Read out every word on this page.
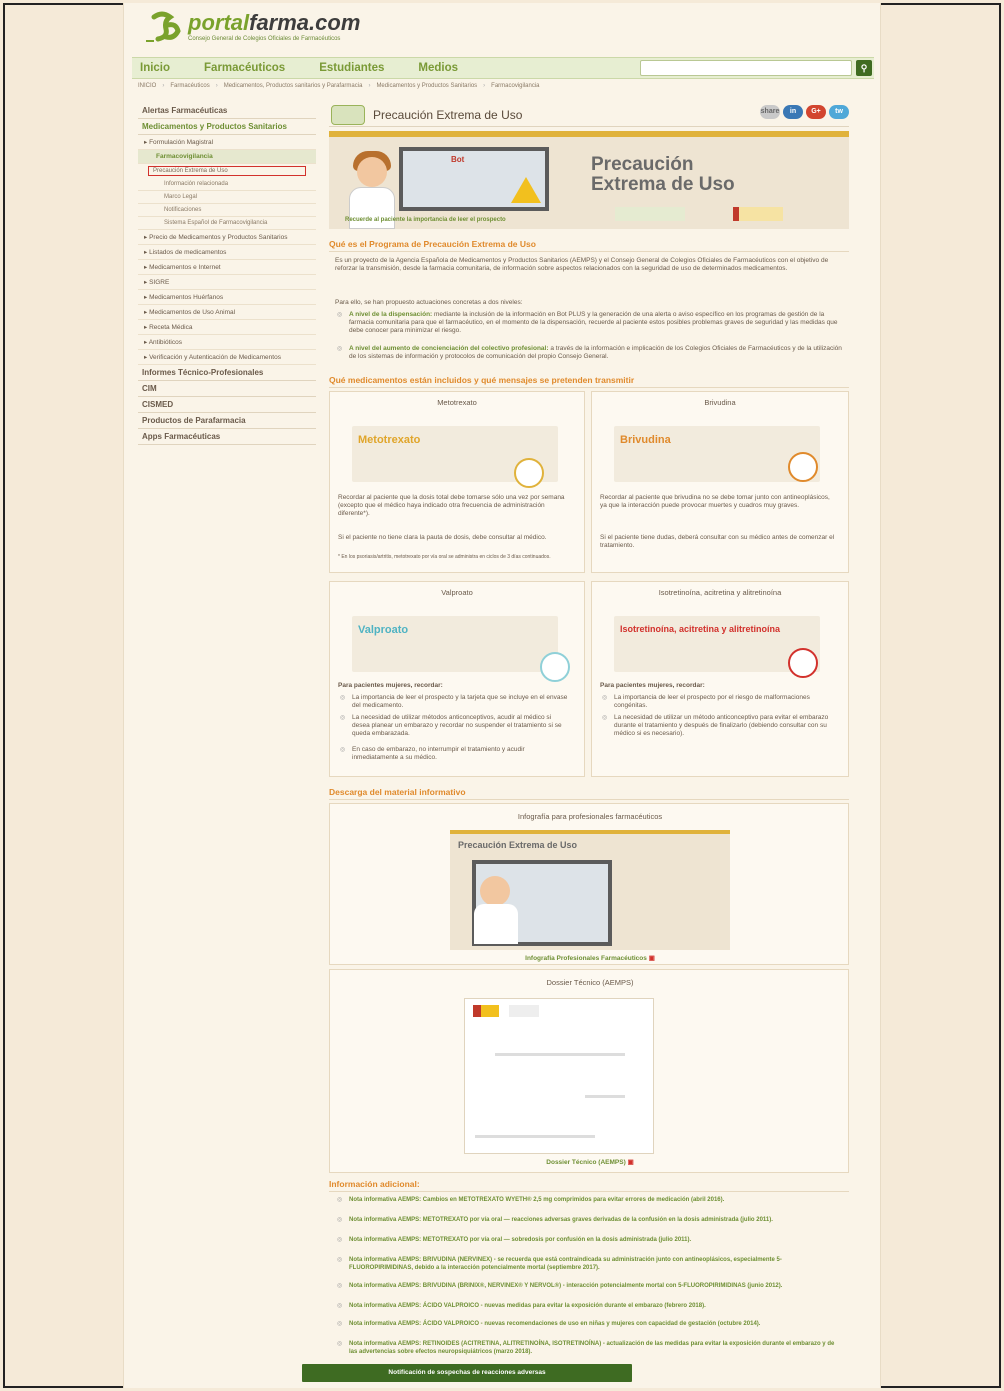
portalfarma.com
Consejo General de Colegios Oficiales de Farmacéuticos
Inicio	Farmacéuticos	Estudiantes	Medios	⚲
INICIO › Farmacéuticos › Medicamentos, Productos sanitarios y Parafarmacia › Medicamentos y Productos Sanitarios › Farmacovigilancia
Alertas Farmacéuticas
Medicamentos y Productos Sanitarios
▸ Formulación Magistral
Farmacovigilancia
Precaución Extrema de Uso
Información relacionada
Marco Legal
Notificaciones
Sistema Español de Farmacovigilancia
▸ Precio de Medicamentos y Productos Sanitarios
▸ Listados de medicamentos
▸ Medicamentos e Internet
▸ SIGRE
▸ Medicamentos Huérfanos
▸ Medicamentos de Uso Animal
▸ Receta Médica
▸ Antibióticos
▸ Verificación y Autenticación de Medicamentos
Informes Técnico-Profesionales
CIM
CISMED
Productos de Parafarmacia
Apps Farmacéuticas
Precaución Extrema de Uso	share	in	G+	tw
Bot	Precaución
Extrema de Uso
Recuerde al paciente la importancia de leer el prospecto
Qué es el Programa de Precaución Extrema de Uso
Es un proyecto de la Agencia Española de Medicamentos y Productos Sanitarios (AEMPS) y el Consejo General de Colegios Oficiales de Farmacéuticos con el objetivo de reforzar la transmisión, desde la farmacia comunitaria, de información sobre aspectos relacionados con la seguridad de uso de determinados medicamentos.
Para ello, se han propuesto actuaciones concretas a dos niveles:
◎ A nivel de la dispensación: mediante la inclusión de la información en Bot PLUS y la generación de una alerta o aviso específico en los programas de gestión de la farmacia comunitaria para que el farmacéutico, en el momento de la dispensación, recuerde al paciente estos posibles problemas graves de seguridad y las medidas que debe conocer para minimizar el riesgo.
◎ A nivel del aumento de concienciación del colectivo profesional: a través de la información e implicación de los Colegios Oficiales de Farmacéuticos y de la utilización de los sistemas de información y protocolos de comunicación del propio Consejo General.
Qué medicamentos están incluidos y qué mensajes se pretenden transmitir
Metotrexato
Metotrexato
Recordar al paciente que la dosis total debe tomarse sólo una vez por semana (excepto que el médico haya indicado otra frecuencia de administración diferente*).
Si el paciente no tiene clara la pauta de dosis, debe consultar al médico.
* En los psoriasis/artritis, metotrexato por vía oral se administra en ciclos de 3 días continuados.
Brivudina
Brivudina
Recordar al paciente que brivudina no se debe tomar junto con antineoplásicos, ya que la interacción puede provocar muertes y cuadros muy graves.
Si el paciente tiene dudas, deberá consultar con su médico antes de comenzar el tratamiento.
Valproato
Valproato
Para pacientes mujeres, recordar:
◎ La importancia de leer el prospecto y la tarjeta que se incluye en el envase del medicamento.
◎ La necesidad de utilizar métodos anticonceptivos, acudir al médico si desea planear un embarazo y recordar no suspender el tratamiento si se queda embarazada.
◎ En caso de embarazo, no interrumpir el tratamiento y acudir inmediatamente a su médico.
Isotretinoína, acitretina y alitretinoína
Isotretinoína, acitretina y alitretinoína
Para pacientes mujeres, recordar:
◎ La importancia de leer el prospecto por el riesgo de malformaciones congénitas.
◎ La necesidad de utilizar un método anticonceptivo para evitar el embarazo durante el tratamiento y después de finalizarlo (debiendo consultar con su médico si es necesario).
Descarga del material informativo
Infografía para profesionales farmacéuticos
Precaución Extrema de Uso
Infografía Profesionales Farmacéuticos ▣
Dossier Técnico (AEMPS)
Dossier Técnico (AEMPS) ▣
Información adicional:
◎ Nota informativa AEMPS: Cambios en METOTREXATO WYETH® 2,5 mg comprimidos para evitar errores de medicación (abril 2016).
◎ Nota informativa AEMPS: METOTREXATO por vía oral — reacciones adversas graves derivadas de la confusión en la dosis administrada (julio 2011).
◎ Nota informativa AEMPS: METOTREXATO por vía oral — sobredosis por confusión en la dosis administrada (julio 2011).
◎ Nota informativa AEMPS: BRIVUDINA (NERVINEX) - se recuerda que está contraindicada su administración junto con antineoplásicos, especialmente 5-FLUOROPIRIMIDINAS, debido a la interacción potencialmente mortal (septiembre 2017).
◎ Nota informativa AEMPS: BRIVUDINA (BRINIX®, NERVINEX® Y NERVOL®) - interacción potencialmente mortal con 5-FLUOROPIRIMIDINAS (junio 2012).
◎ Nota informativa AEMPS: ÁCIDO VALPROICO - nuevas medidas para evitar la exposición durante el embarazo (febrero 2018).
◎ Nota informativa AEMPS: ÁCIDO VALPROICO - nuevas recomendaciones de uso en niñas y mujeres con capacidad de gestación (octubre 2014).
◎ Nota informativa AEMPS: RETINOIDES (ACITRETINA, ALITRETINOÍNA, ISOTRETINOÍNA) - actualización de las medidas para evitar la exposición durante el embarazo y de las advertencias sobre efectos neuropsiquiátricos (marzo 2018).
Notificación de sospechas de reacciones adversas
